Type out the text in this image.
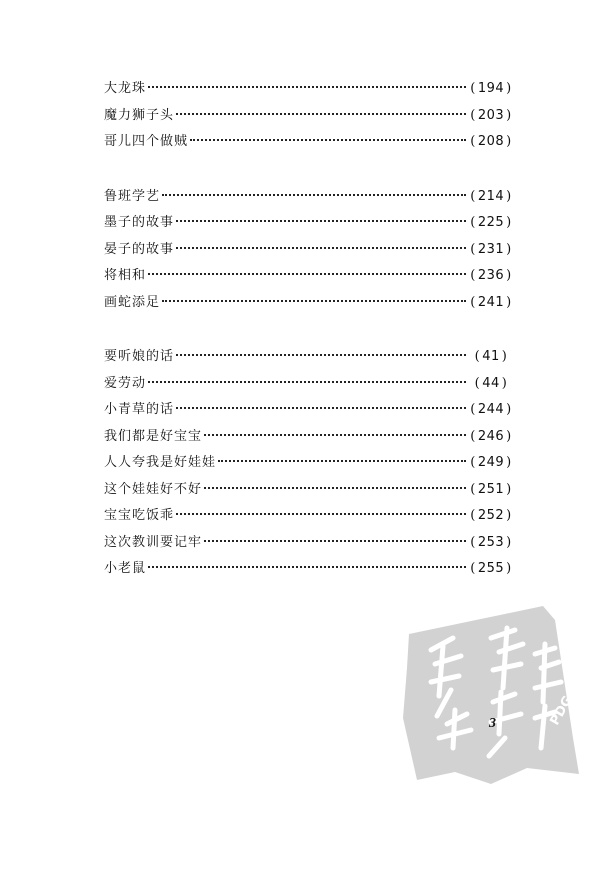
大龙珠	( 194 )
魔力狮子头	( 203 )
哥儿四个做贼	( 208 )
鲁班学艺	( 214 )
墨子的故事	( 225 )
晏子的故事	( 231 )
将相和	( 236 )
画蛇添足	( 241 )
要听娘的话	( 41 )
爱劳动	( 44 )
小青草的话	( 244 )
我们都是好宝宝	( 246 )
人人夸我是好娃娃	( 249 )
这个娃娃好不好	( 251 )
宝宝吃饭乖	( 252 )
这次教训要记牢	( 253 )
小老鼠	( 255 )
PDG
3
